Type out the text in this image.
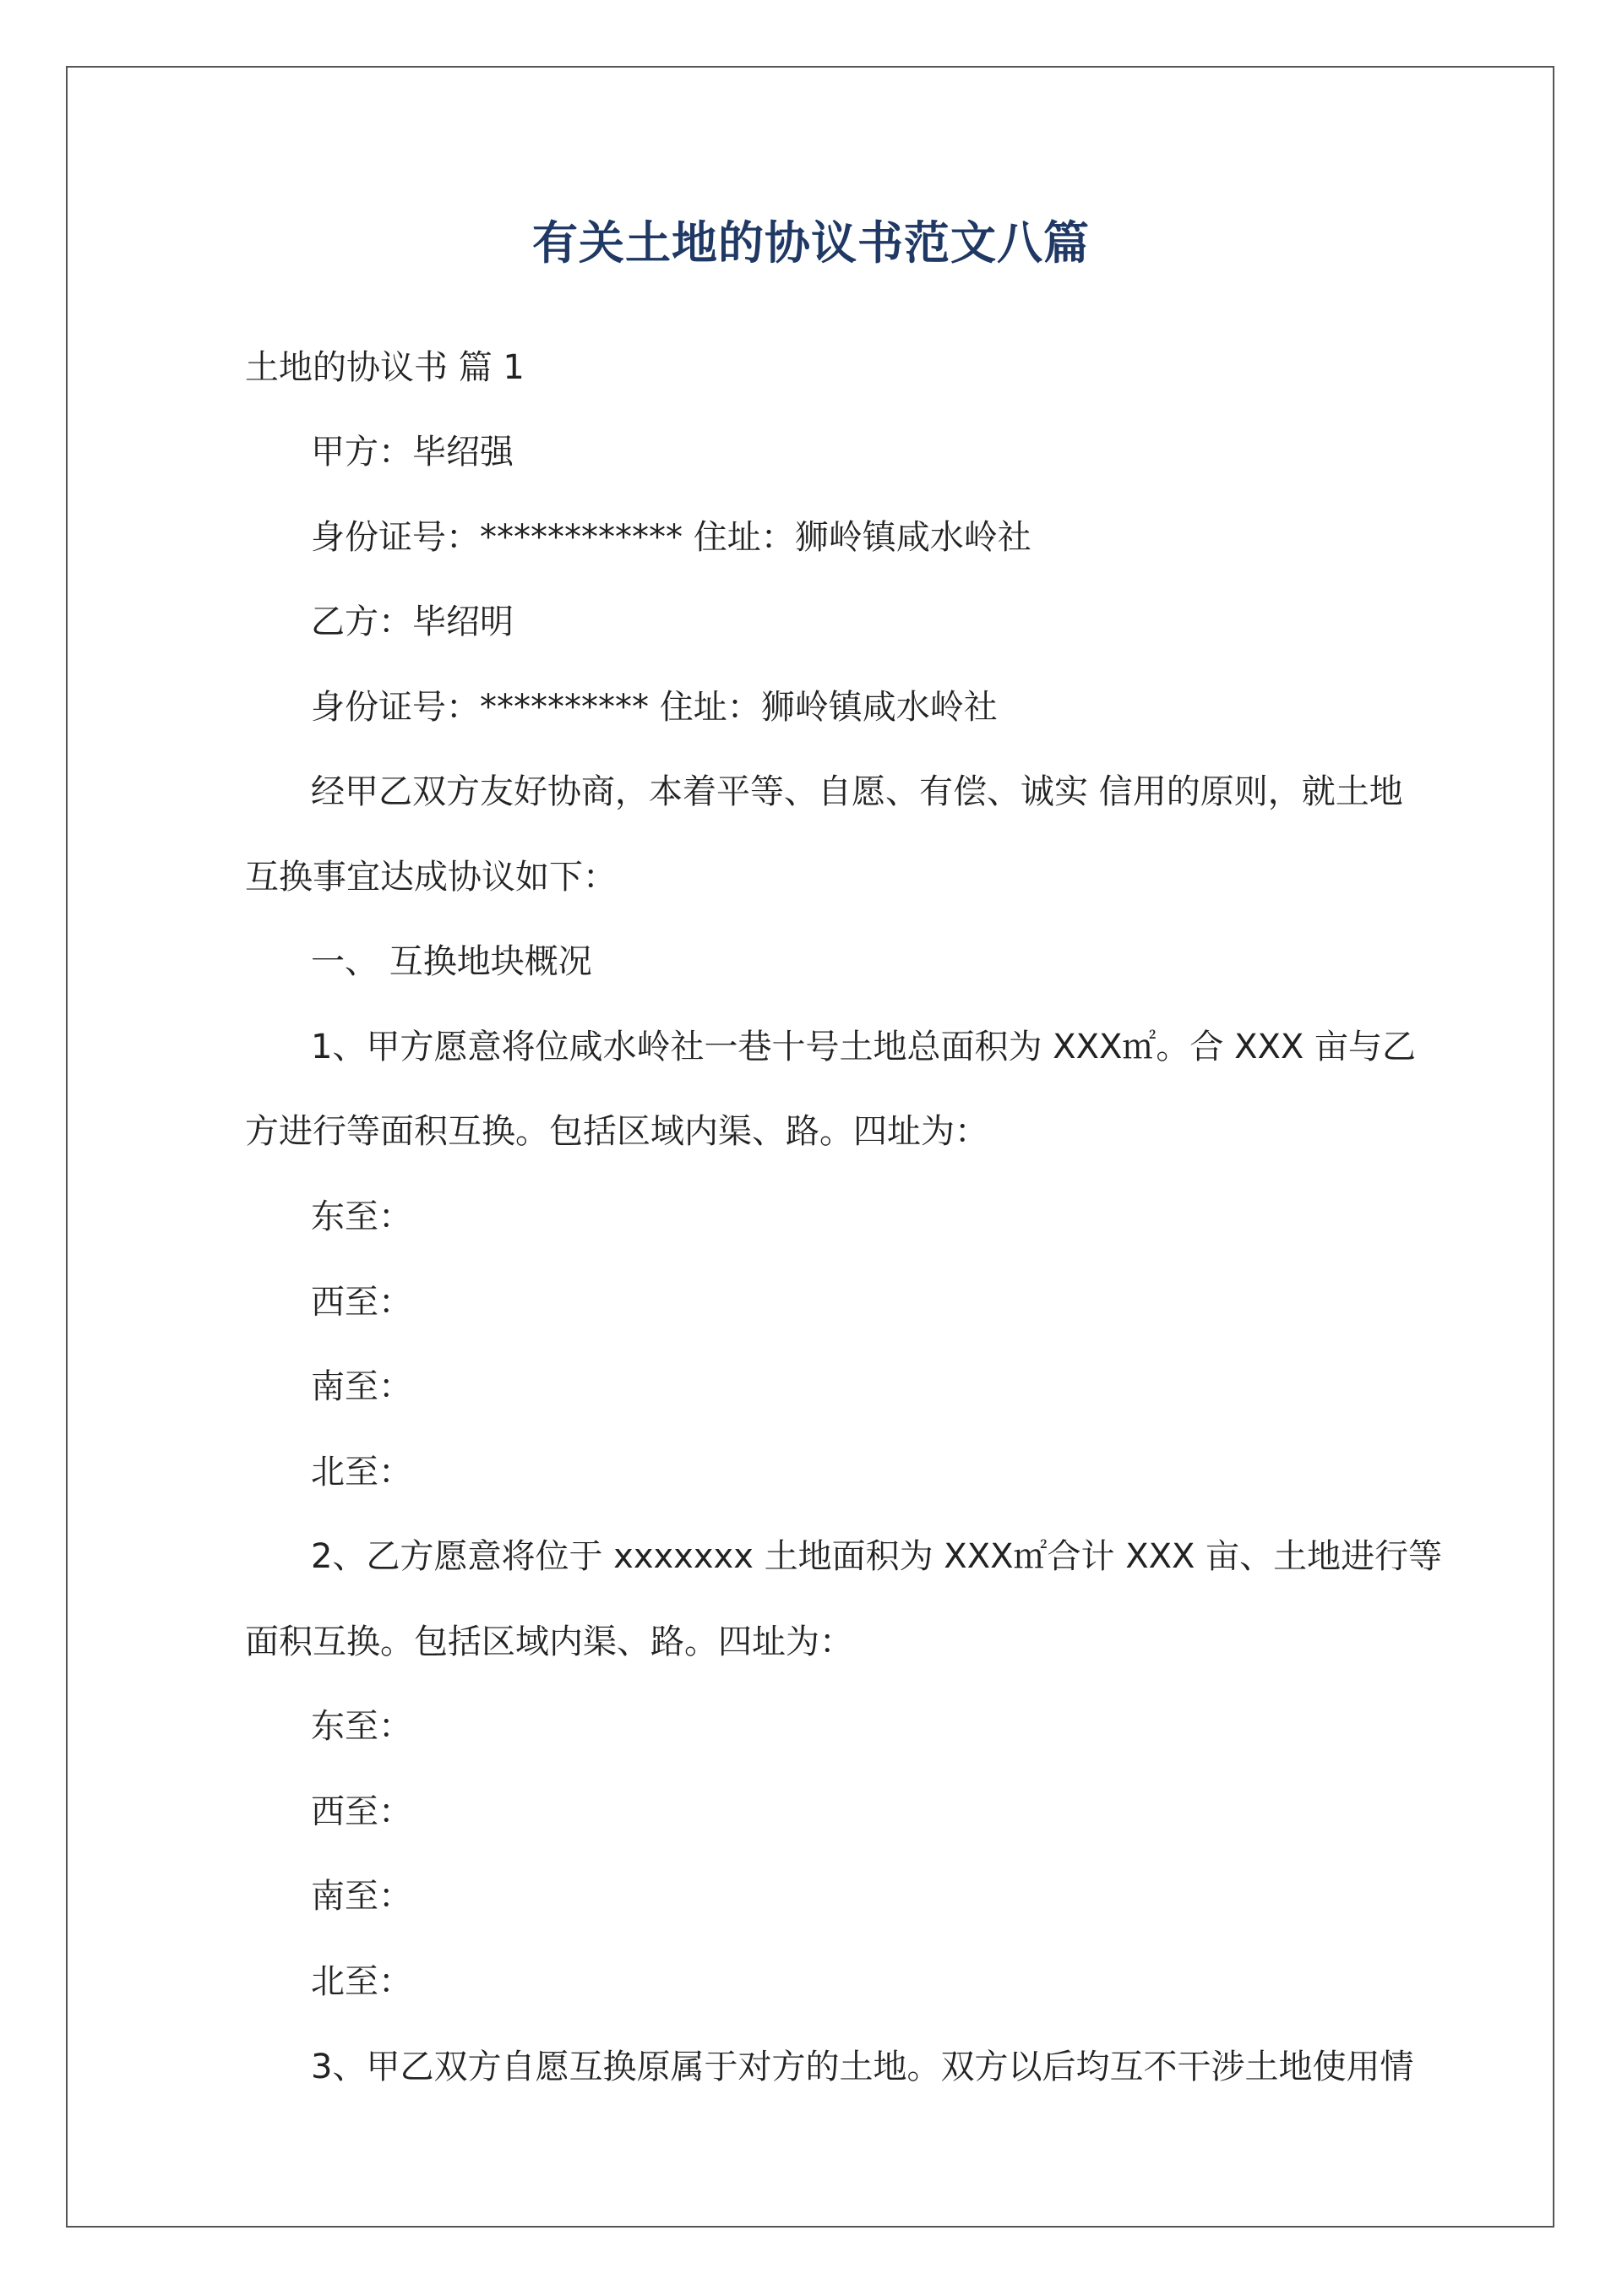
有关土地的协议书范文八篇
土地的协议书 篇 1
甲方：毕绍强
身份证号：************ 住址：狮岭镇咸水岭社
乙方：毕绍明
身份证号：********** 住址：狮岭镇咸水岭社
经甲乙双方友好协商，本着平等、自愿、有偿、诚实 信用的原则，就土地
互换事宜达成协议如下：
一、 互换地块概况
1、甲方愿意将位咸水岭社一巷十号土地总面积为 XXX㎡。合 XXX 亩与乙
方进行等面积互换。包括区域内渠、路。四址为：
东至：
西至：
南至：
北至：
2、乙方愿意将位于 xxxxxxx 土地面积为 XXX㎡合计 XXX 亩、土地进行等
面积互换。包括区域内渠、路。四址为：
东至：
西至：
南至：
北至：
3、甲乙双方自愿互换原属于对方的土地。双方以后均互不干涉土地使用情
